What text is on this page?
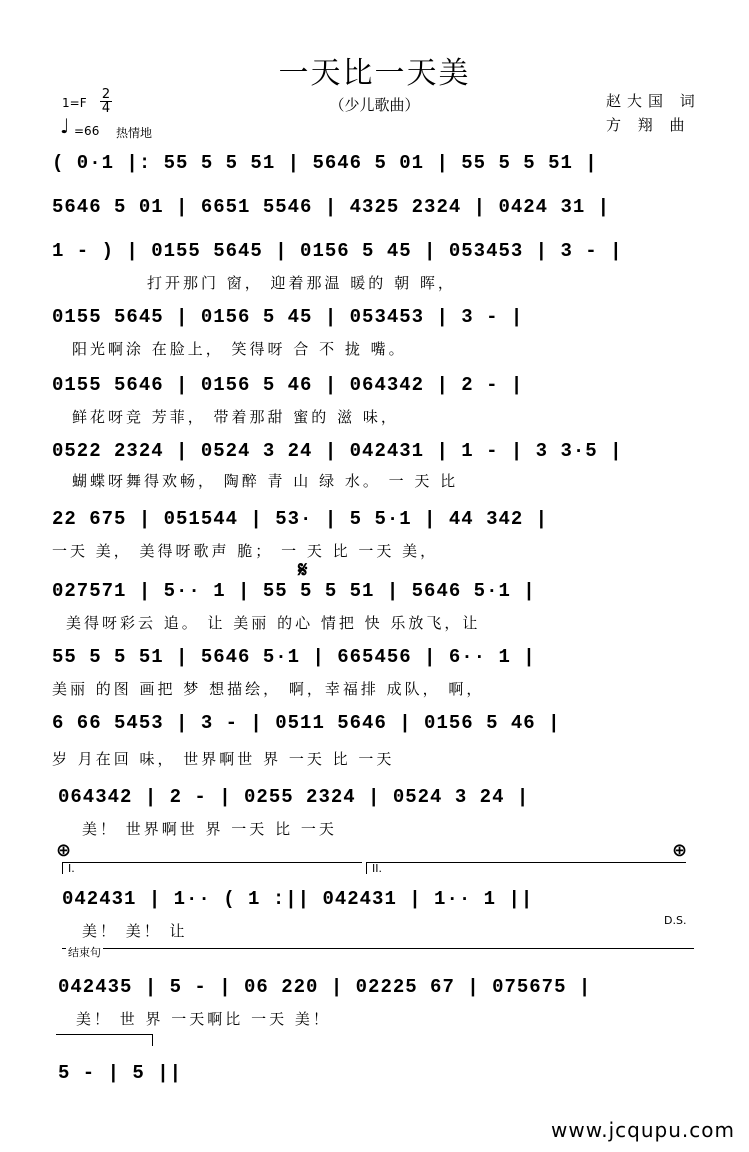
一天比一天美
（少儿歌曲）
1=F
2
4
♩ =66 热情地
赵大国 词
方 翔 曲
( 0·1 |: 55 5 5 51 | 5646 5 01 | 55 5 5 51 |
5646 5 01 | 6651 5546 | 4325 2324 | 0424 31 |
1 - ) | 0155 5645 | 0156 5 45 | 053453 | 3 - |
打开那门 窗， 迎着那温 暖的 朝 晖，
0155 5645 | 0156 5 45 | 053453 | 3 - |
阳光啊涂 在脸上， 笑得呀 合 不 拢 嘴。
0155 5646 | 0156 5 46 | 064342 | 2 - |
鲜花呀竞 芳菲， 带着那甜 蜜的 滋 味，
0522 2324 | 0524 3 24 | 042431 | 1 - | 3 3·5 |
蝴蝶呀舞得欢畅， 陶醉 青 山 绿 水。 一 天 比
22 675 | 051544 | 53· | 5 5·1 | 44 342 |
一天 美， 美得呀歌声 脆； 一 天 比 一天 美，
𝄋
027571 | 5·· 1 | 55 5 5 51 | 5646 5·1 |
美得呀彩云 追。 让 美丽 的心 情把 快 乐放飞，让
55 5 5 51 | 5646 5·1 | 665456 | 6·· 1 |
美丽 的图 画把 梦 想描绘， 啊，幸福排 成队， 啊，
6 66 5453 | 3 - | 0511 5646 | 0156 5 46 |
岁 月在回 味， 世界啊世 界 一天 比 一天
064342 | 2 - | 0255 2324 | 0524 3 24 |
美！ 世界啊世 界 一天 比 一天
⊕	⊕
I.	II.
042431 | 1·· ( 1 :|| 042431 | 1·· 1 ||
美！ 美！ 让
D.S.
结束句
042435 | 5 - | 06 220 | 02225 67 | 075675 |
美！ 世 界 一天啊比 一天 美！
5 - | 5 ||
www.jcqupu.com
